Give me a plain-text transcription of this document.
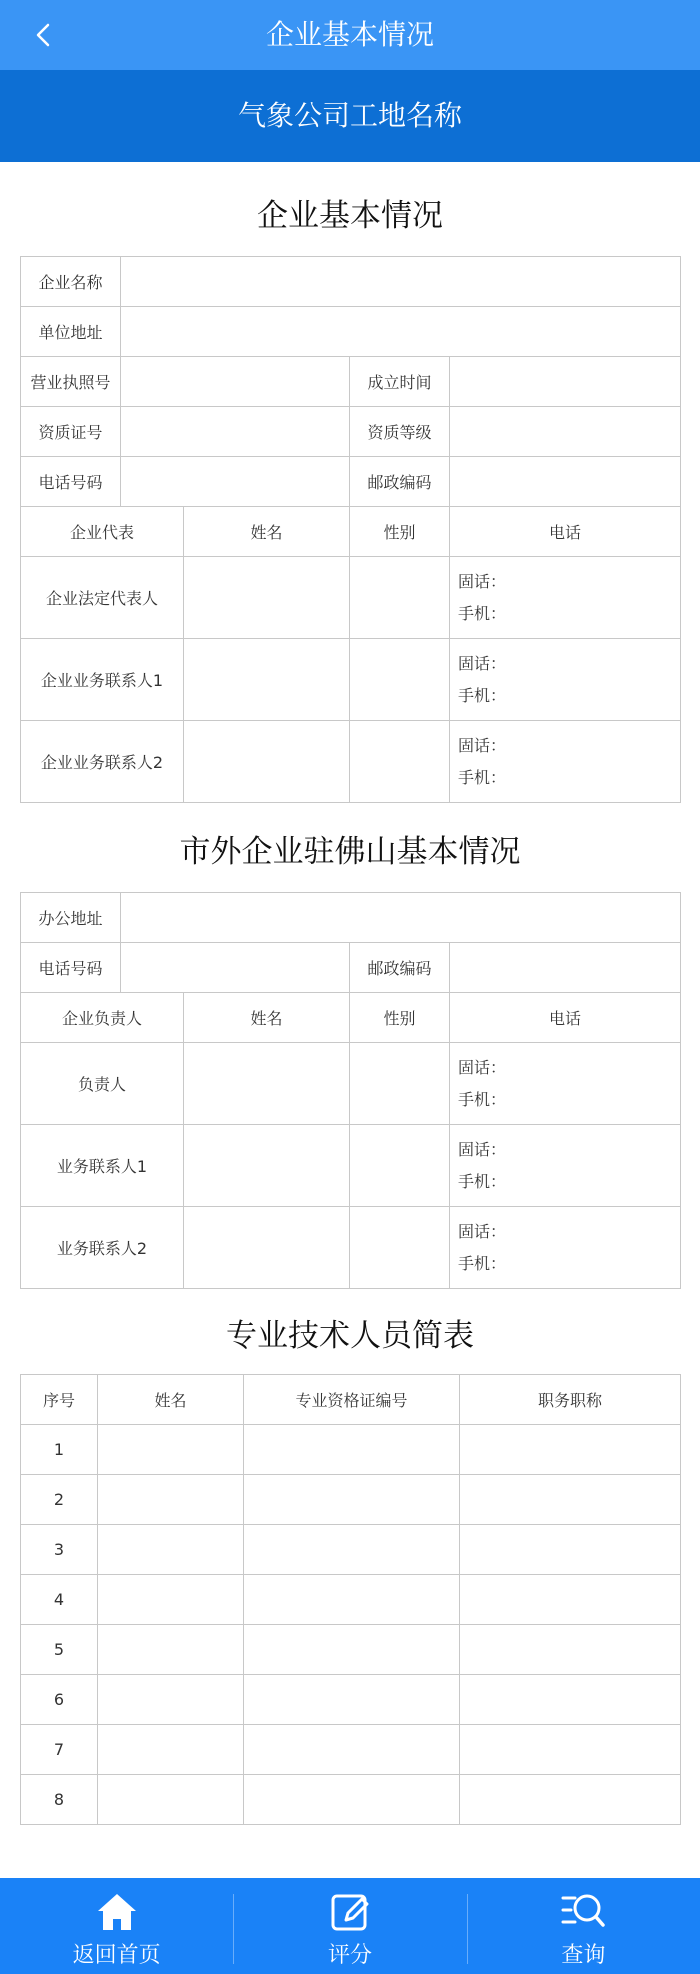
企业基本情况
气象公司工地名称
企业基本情况
企业名称				
单位地址				
营业执照号			成立时间	
资质证号			资质等级	
电话号码			邮政编码	
企业代表		姓名	性别	电话
企业法定代表人				固话：
手机：

企业业务联系人1				固话：
手机：

企业业务联系人2				固话：
手机：
市外企业驻佛山基本情况
办公地址				
电话号码			邮政编码	
企业负责人		姓名	性别	电话
负责人				固话：
手机：

业务联系人1				固话：
手机：

业务联系人2				固话：
手机：
专业技术人员简表
序号	姓名	专业资格证编号	职务职称
1			
2			
3			
4			
5			
6			
7			
8			
返回首页	评分	查询
